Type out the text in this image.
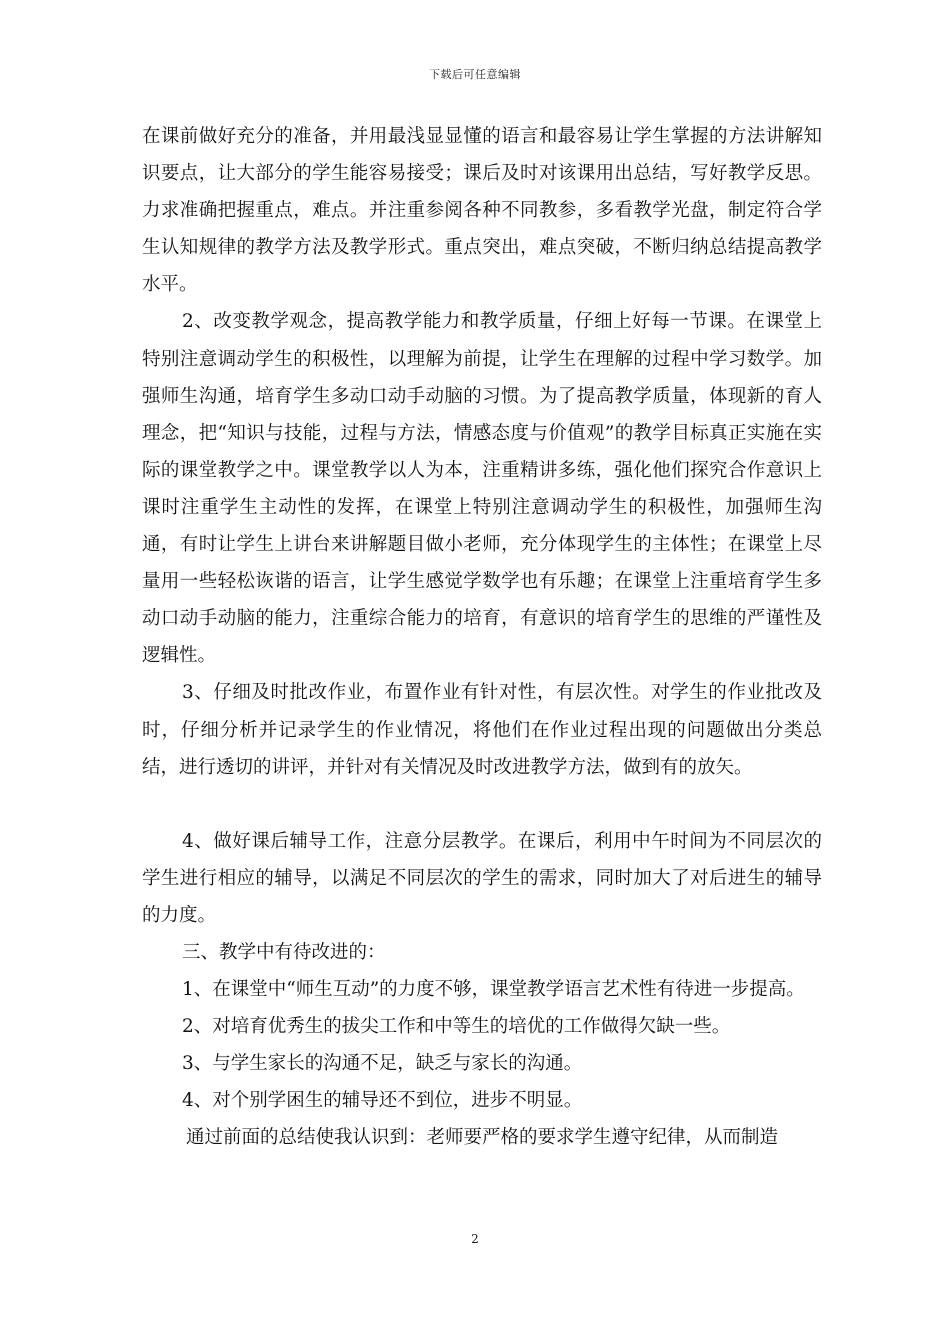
下载后可任意编辑

在课前做好充分的准备，并用最浅显显懂的语言和最容易让学生掌握的方法讲解知识要点，让大部分的学生能容易接受；课后及时对该课用出总结，写好教学反思。力求准确把握重点，难点。并注重参阅各种不同教参，多看教学光盘，制定符合学生认知规律的教学方法及教学形式。重点突出，难点突破，不断归纳总结提高教学水平。

2、改变教学观念，提高教学能力和教学质量，仔细上好每一节课。在课堂上特别注意调动学生的积极性，以理解为前提，让学生在理解的过程中学习数学。加强师生沟通，培育学生多动口动手动脑的习惯。为了提高教学质量，体现新的育人理念，把“知识与技能，过程与方法，情感态度与价值观”的教学目标真正实施在实际的课堂教学之中。课堂教学以人为本，注重精讲多练，强化他们探究合作意识上课时注重学生主动性的发挥，在课堂上特别注意调动学生的积极性，加强师生沟通，有时让学生上讲台来讲解题目做小老师，充分体现学生的主体性；在课堂上尽量用一些轻松诙谐的语言，让学生感觉学数学也有乐趣；在课堂上注重培育学生多动口动手动脑的能力，注重综合能力的培育，有意识的培育学生的思维的严谨性及逻辑性。

3、仔细及时批改作业，布置作业有针对性，有层次性。对学生的作业批改及时，仔细分析并记录学生的作业情况，将他们在作业过程出现的问题做出分类总结，进行透切的讲评，并针对有关情况及时改进教学方法，做到有的放矢。

4、做好课后辅导工作，注意分层教学。在课后，利用中午时间为不同层次的学生进行相应的辅导，以满足不同层次的学生的需求，同时加大了对后进生的辅导的力度。

三、教学中有待改进的：

1、在课堂中“师生互动”的力度不够，课堂教学语言艺术性有待进一步提高。

2、对培育优秀生的拔尖工作和中等生的培优的工作做得欠缺一些。

3、与学生家长的沟通不足，缺乏与家长的沟通。

4、对个别学困生的辅导还不到位，进步不明显。

通过前面的总结使我认识到：老师要严格的要求学生遵守纪律，从而制造

2
